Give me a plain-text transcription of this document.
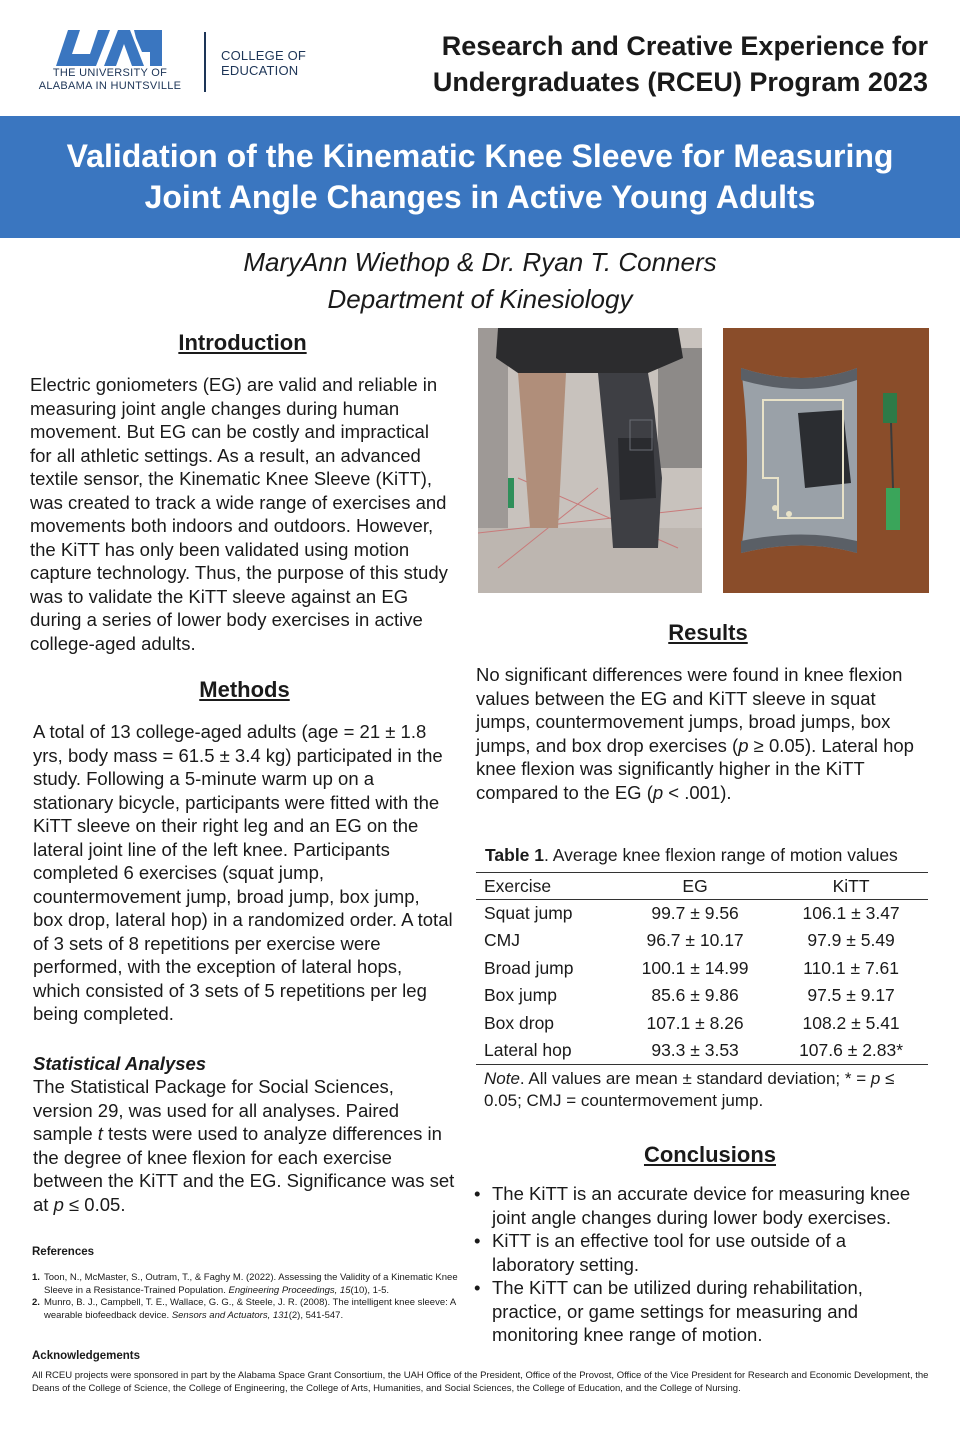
THE UNIVERSITY OF
ALABAMA IN HUNTSVILLE
COLLEGE OF
EDUCATION
Research and Creative Experience for
Undergraduates (RCEU) Program 2023
Validation of the Kinematic Knee Sleeve for Measuring
Joint Angle Changes in Active Young Adults
MaryAnn Wiethop & Dr. Ryan T. Conners
Department of Kinesiology
Introduction

Electric goniometers (EG) are valid and reliable in measuring joint angle changes during human movement. But EG can be costly and impractical for all athletic settings. As a result, an advanced textile sensor, the Kinematic Knee Sleeve (KiTT), was created to track a wide range of exercises and movements both indoors and outdoors. However, the KiTT has only been validated using motion capture technology. Thus, the purpose of this study was to validate the KiTT sleeve against an EG during a series of lower body exercises in active college-aged adults.

Methods

A total of 13 college-aged adults (age = 21 ± 1.8 yrs, body mass = 61.5 ± 3.4 kg) participated in the study. Following a 5-minute warm up on a stationary bicycle, participants were fitted with the KiTT sleeve on their right leg and an EG on the lateral joint line of the left knee. Participants completed 6 exercises (squat jump, countermovement jump, broad jump, box jump, box drop, lateral hop) in a randomized order. A total of 3 sets of 8 repetitions per exercise were performed, with the exception of lateral hops, which consisted of 3 sets of 5 repetitions per leg being completed.

Statistical Analyses

The Statistical Package for Social Sciences, version 29, was used for all analyses. Paired sample t tests were used to analyze differences in the degree of knee flexion for each exercise between the KiTT and the EG. Significance was set at p ≤ 0.05.

References
1. Toon, N., McMaster, S., Outram, T., & Faghy M. (2022). Assessing the Validity of a Kinematic Knee Sleeve in a Resistance-Trained Population. Engineering Proceedings, 15(10), 1-5.
2. Munro, B. J., Campbell, T. E., Wallace, G. G., & Steele, J. R. (2008). The intelligent knee sleeve: A wearable biofeedback device. Sensors and Actuators, 131(2), 541-547.
Acknowledgements

All RCEU projects were sponsored in part by the Alabama Space Grant Consortium, the UAH Office of the President, Office of the Provost, Office of the Vice President for Research and Economic Development, the Deans of the College of Science, the College of Engineering, the College of Arts, Humanities, and Social Sciences, the College of Education, and the College of Nursing.

Results

No significant differences were found in knee flexion values between the EG and KiTT sleeve in squat jumps, countermovement jumps, broad jumps, box jumps, and box drop exercises (p ≥ 0.05). Lateral hop knee flexion was significantly higher in the KiTT compared to the EG (p < .001).

Table 1. Average knee flexion range of motion values
Exercise	EG	KiTT
Squat jump	99.7 ± 9.56	106.1 ± 3.47
CMJ	96.7 ± 10.17	97.9 ± 5.49
Broad jump	100.1 ± 14.99	110.1 ± 7.61
Box jump	85.6 ± 9.86	97.5 ± 9.17
Box drop	107.1 ± 8.26	108.2 ± 5.41
Lateral hop	93.3 ± 3.53	107.6 ± 2.83*

Note. All values are mean ± standard deviation; * = p ≤ 0.05; CMJ = countermovement jump.

Conclusions
• The KiTT is an accurate device for measuring knee joint angle changes during lower body exercises.
• KiTT is an effective tool for use outside of a laboratory setting.
• The KiTT can be utilized during rehabilitation, practice, or game settings for measuring and monitoring knee range of motion.
